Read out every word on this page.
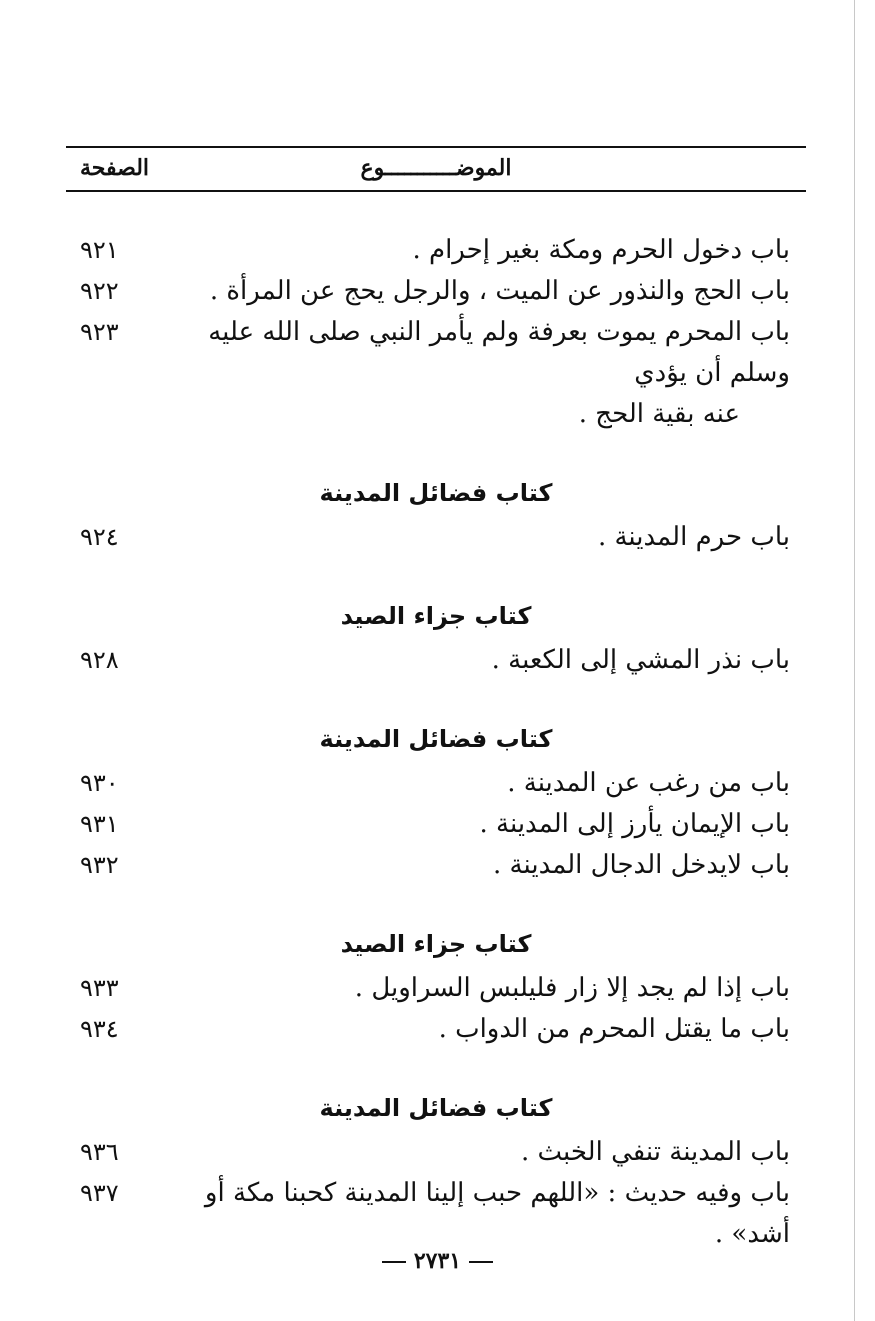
الموضـــــــــــوع
الصفحة
باب دخول الحرم ومكة بغير إحرام .
٩٢١
باب الحج والنذور عن الميت ، والرجل يحج عن المرأة .
٩٢٢
باب المحرم يموت بعرفة ولم يأمر النبي صلى الله عليه وسلم أن يؤدي
عنه بقية الحج .
٩٢٣
كتاب فضائل المدينة
باب حرم المدينة .
٩٢٤
كتاب جزاء الصيد
باب نذر المشي إلى الكعبة .
٩٢٨
كتاب فضائل المدينة
باب من رغب عن المدينة .
٩٣٠
باب الإيمان يأرز إلى المدينة .
٩٣١
باب لايدخل الدجال المدينة .
٩٣٢
كتاب جزاء الصيد
باب إذا لم يجد إلا زار فليلبس السراويل .
٩٣٣
باب ما يقتل المحرم من الدواب .
٩٣٤
كتاب فضائل المدينة
باب المدينة تنفي الخبث .
٩٣٦
باب وفيه حديث : «اللهم حبب إلينا المدينة كحبنا مكة أو أشد» .
٩٣٧
٢٧٣١
